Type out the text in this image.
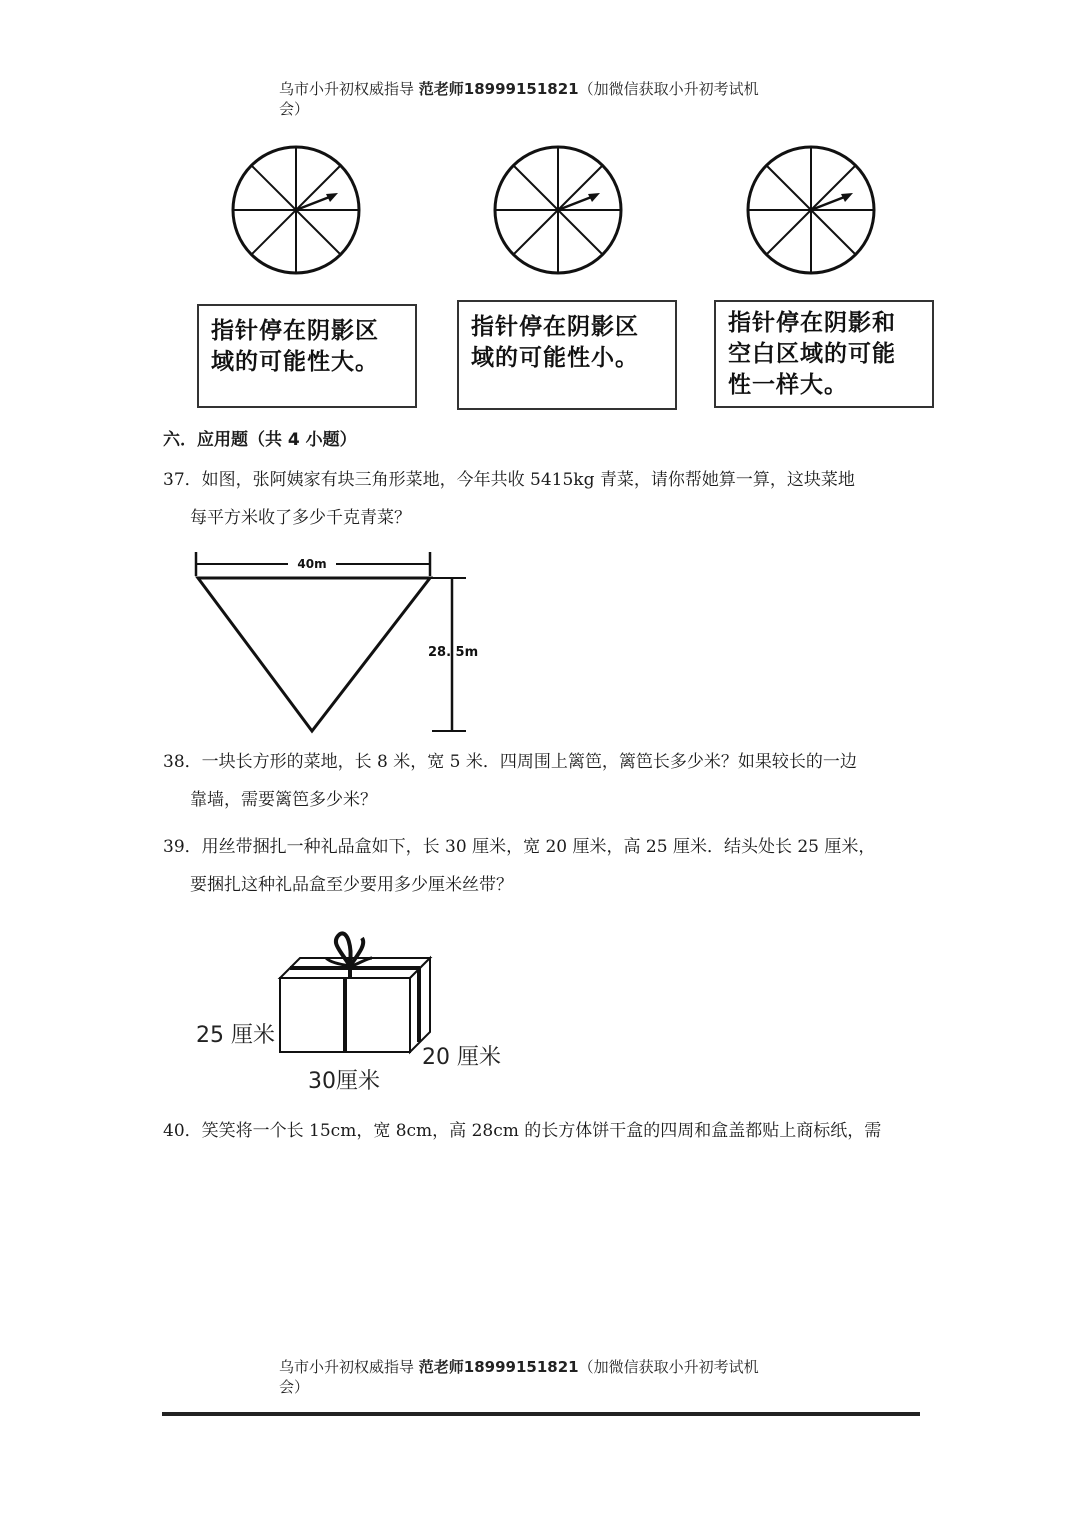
乌市小升初权威指导 范老师18999151821（加微信获取小升初考试机
会）
指针停在阴影区
域的可能性大。
指针停在阴影区
域的可能性小。
指针停在阴影和
空白区域的可能
性一样大。
六．应用题（共 4 小题）
37．如图，张阿姨家有块三角形菜地，今年共收 5415kg 青菜，请你帮她算一算，这块菜地
每平方米收了多少千克青菜？
40m
28. 5m
38．一块长方形的菜地，长 8 米，宽 5 米．四周围上篱笆，篱笆长多少米？如果较长的一边
靠墙，需要篱笆多少米？
39．用丝带捆扎一种礼品盒如下，长 30 厘米，宽 20 厘米，高 25 厘米．结头处长 25 厘米，
要捆扎这种礼品盒至少要用多少厘米丝带？
25 厘米
30厘米
20 厘米
40．笑笑将一个长 15cm，宽 8cm，高 28cm 的长方体饼干盒的四周和盒盖都贴上商标纸，需
乌市小升初权威指导 范老师18999151821（加微信获取小升初考试机
会）
